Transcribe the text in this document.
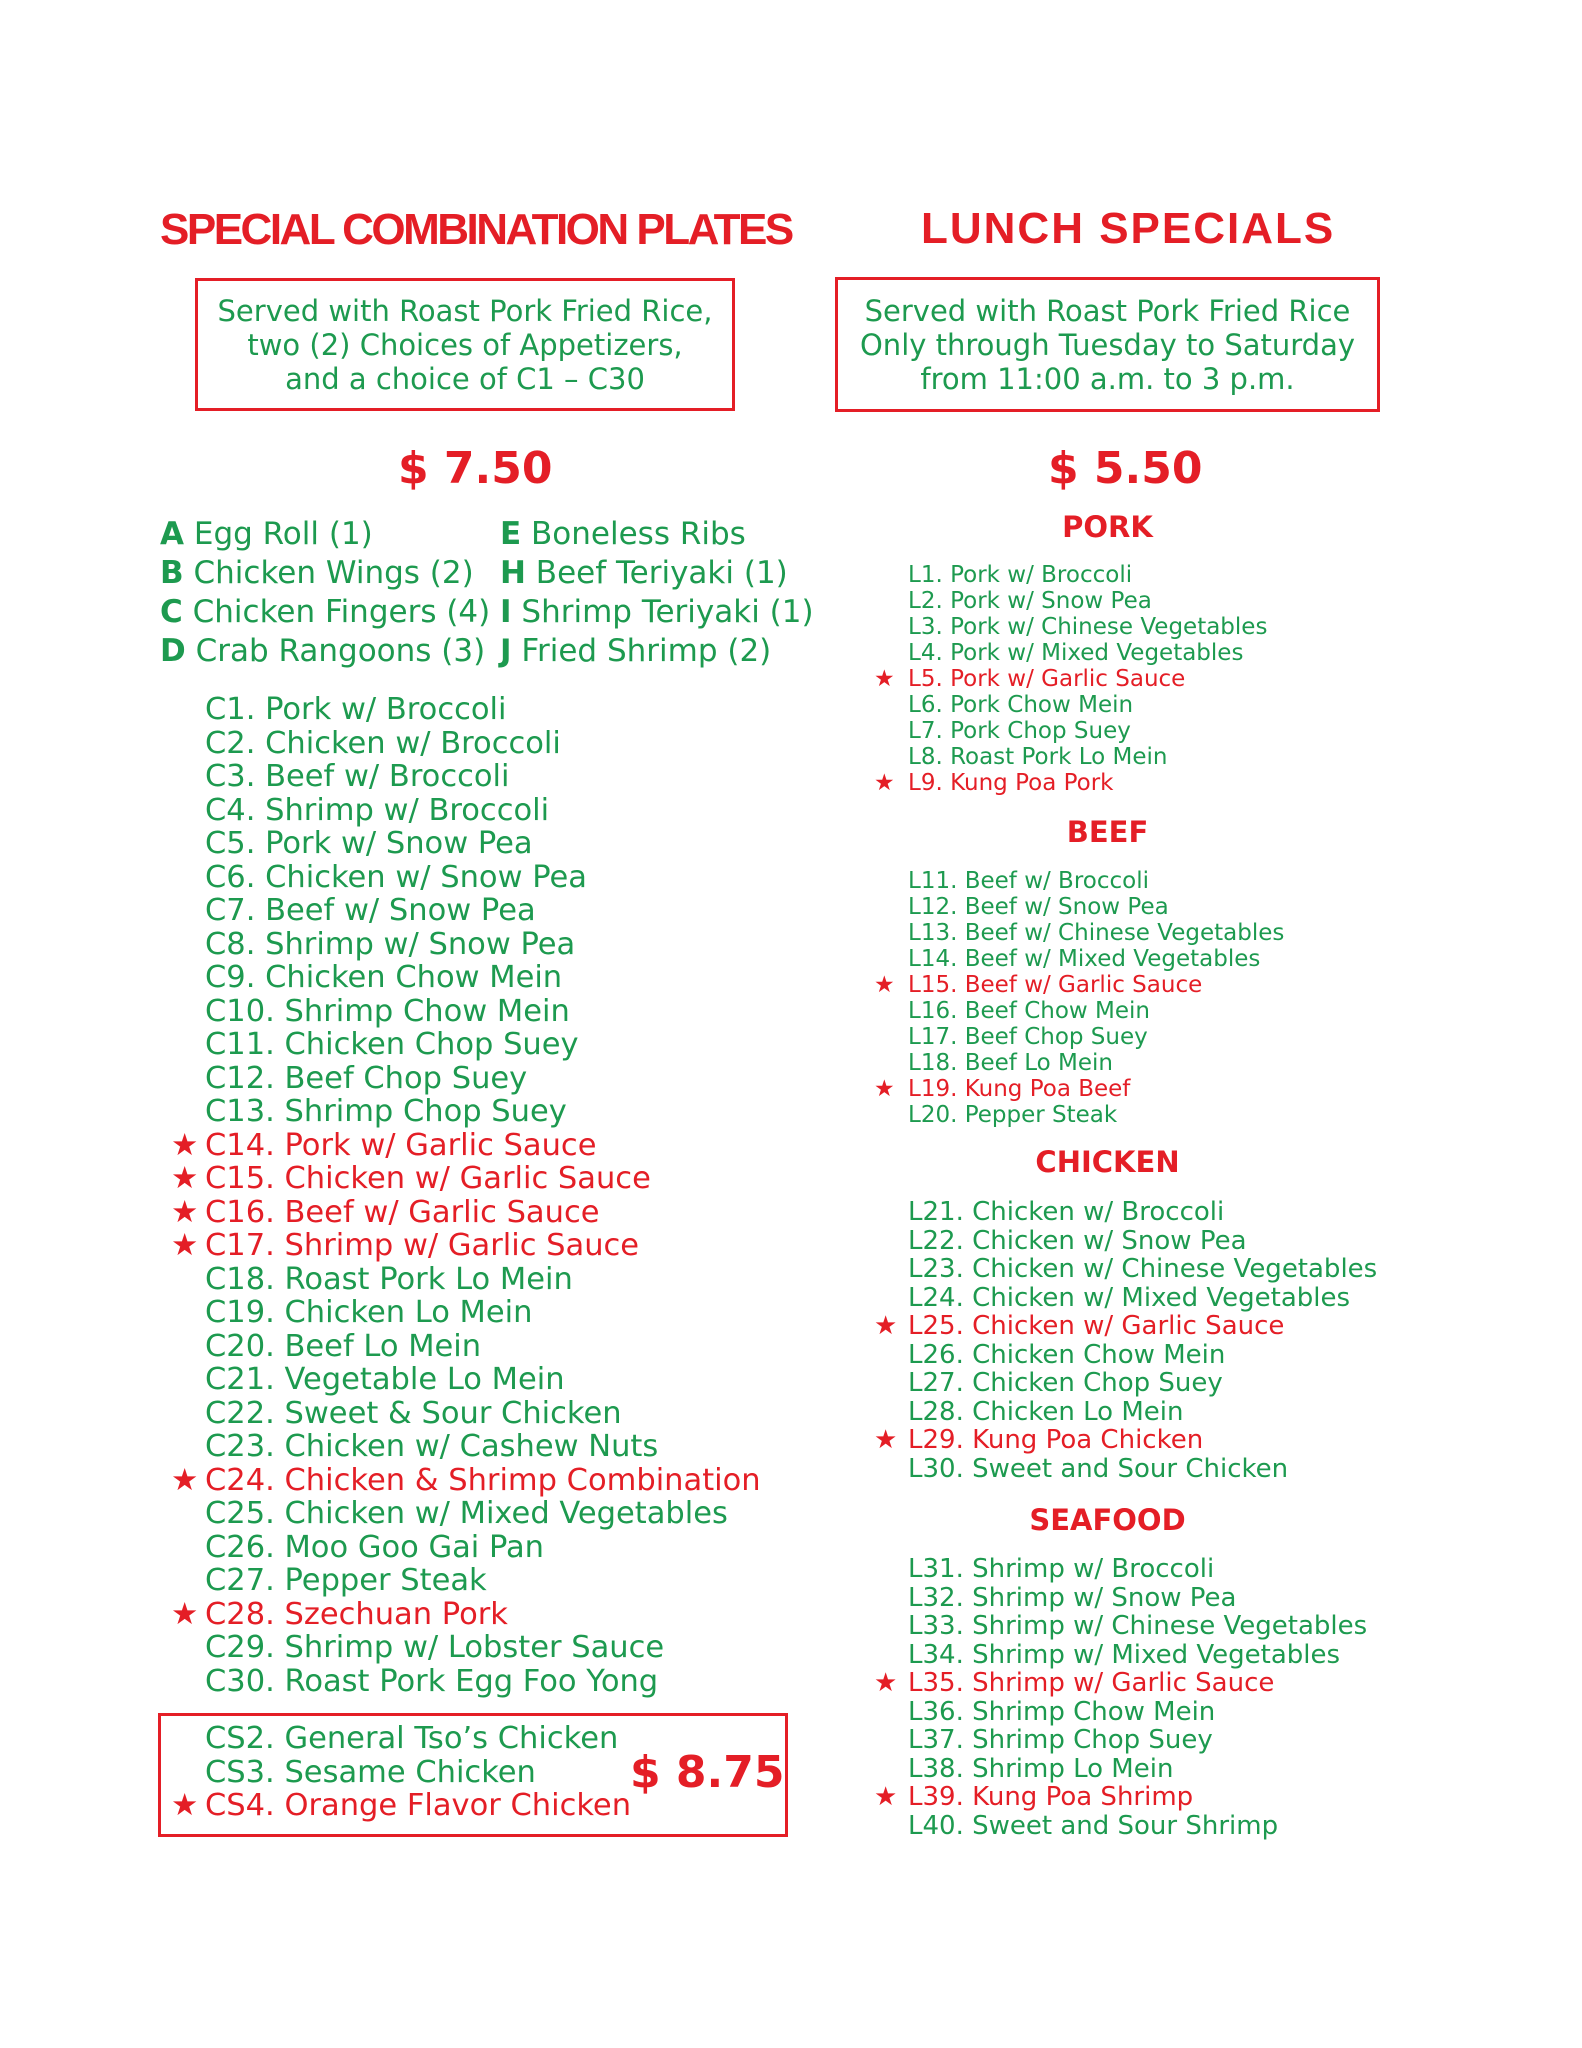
SPECIAL COMBINATION PLATES
Served with Roast Pork Fried Rice,
two (2) Choices of Appetizers,
and a choice of C1 – C30
$ 7.50
A Egg Roll (1)
B Chicken Wings (2)
C Chicken Fingers (4)
D Crab Rangoons (3)
E Boneless Ribs
H Beef Teriyaki (1)
I Shrimp Teriyaki (1)
J Fried Shrimp (2)
C1. Pork w/ Broccoli
C2. Chicken w/ Broccoli
C3. Beef w/ Broccoli
C4. Shrimp w/ Broccoli
C5. Pork w/ Snow Pea
C6. Chicken w/ Snow Pea
C7. Beef w/ Snow Pea
C8. Shrimp w/ Snow Pea
C9. Chicken Chow Mein
C10. Shrimp Chow Mein
C11. Chicken Chop Suey
C12. Beef Chop Suey
C13. Shrimp Chop Suey
★ C14. Pork w/ Garlic Sauce
★ C15. Chicken w/ Garlic Sauce
★ C16. Beef w/ Garlic Sauce
★ C17. Shrimp w/ Garlic Sauce
C18. Roast Pork Lo Mein
C19. Chicken Lo Mein
C20. Beef Lo Mein
C21. Vegetable Lo Mein
C22. Sweet & Sour Chicken
C23. Chicken w/ Cashew Nuts
★ C24. Chicken & Shrimp Combination
C25. Chicken w/ Mixed Vegetables
C26. Moo Goo Gai Pan
C27. Pepper Steak
★ C28. Szechuan Pork
C29. Shrimp w/ Lobster Sauce
C30. Roast Pork Egg Foo Yong
CS2. General Tso’s Chicken
CS3. Sesame Chicken
★ CS4. Orange Flavor Chicken
$ 8.75
LUNCH SPECIALS
Served with Roast Pork Fried Rice
Only through Tuesday to Saturday
from 11:00 a.m. to 3 p.m.
$ 5.50
PORK
L1. Pork w/ Broccoli
L2. Pork w/ Snow Pea
L3. Pork w/ Chinese Vegetables
L4. Pork w/ Mixed Vegetables
★ L5. Pork w/ Garlic Sauce
L6. Pork Chow Mein
L7. Pork Chop Suey
L8. Roast Pork Lo Mein
★ L9. Kung Poa Pork
BEEF
L11. Beef w/ Broccoli
L12. Beef w/ Snow Pea
L13. Beef w/ Chinese Vegetables
L14. Beef w/ Mixed Vegetables
★ L15. Beef w/ Garlic Sauce
L16. Beef Chow Mein
L17. Beef Chop Suey
L18. Beef Lo Mein
★ L19. Kung Poa Beef
L20. Pepper Steak
CHICKEN
L21. Chicken w/ Broccoli
L22. Chicken w/ Snow Pea
L23. Chicken w/ Chinese Vegetables
L24. Chicken w/ Mixed Vegetables
★ L25. Chicken w/ Garlic Sauce
L26. Chicken Chow Mein
L27. Chicken Chop Suey
L28. Chicken Lo Mein
★ L29. Kung Poa Chicken
L30. Sweet and Sour Chicken
SEAFOOD
L31. Shrimp w/ Broccoli
L32. Shrimp w/ Snow Pea
L33. Shrimp w/ Chinese Vegetables
L34. Shrimp w/ Mixed Vegetables
★ L35. Shrimp w/ Garlic Sauce
L36. Shrimp Chow Mein
L37. Shrimp Chop Suey
L38. Shrimp Lo Mein
★ L39. Kung Poa Shrimp
L40. Sweet and Sour Shrimp
